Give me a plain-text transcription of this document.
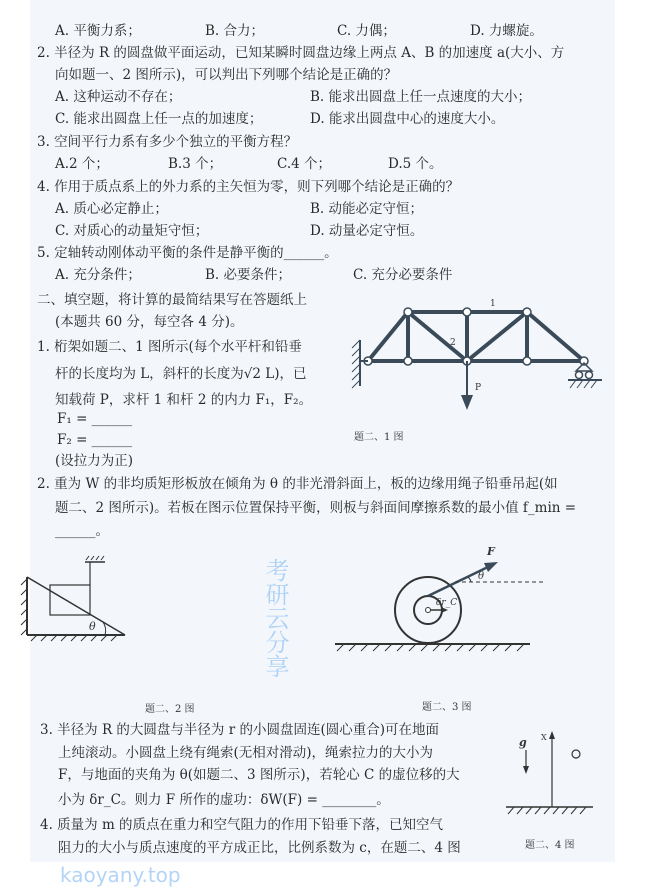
A. 平衡力系；	B. 合力；	C. 力偶；	D. 力螺旋。
2. 半径为 R 的圆盘做平面运动，已知某瞬时圆盘边缘上两点 A、B 的加速度 a(大小、方
向如题一、2 图所示)，可以判出下列哪个结论是正确的？
A. 这种运动不存在；	B. 能求出圆盘上任一点速度的大小；
C. 能求出圆盘上任一点的加速度；	D. 能求出圆盘中心的速度大小。
3. 空间平行力系有多少个独立的平衡方程？
A.2 个；	B.3 个；	C.4 个；	D.5 个。
4. 作用于质点系上的外力系的主矢恒为零，则下列哪个结论是正确的？
A. 质心必定静止；	B. 动能必定守恒；
C. 对质心的动量矩守恒；	D. 动量必定守恒。
5. 定轴转动刚体动平衡的条件是静平衡的______。
A. 充分条件；	B. 必要条件；	C. 充分必要条件
二、填空题，将计算的最简结果写在答题纸上
(本题共 60 分，每空各 4 分)。
1. 桁架如题二、1 图所示(每个水平杆和铅垂
杆的长度均为 L，斜杆的长度为√2 L)，已
知载荷 P，求杆 1 和杆 2 的内力 F₁，F₂。
F₁ = ______
F₂ = ______
(设拉力为正)
1
2
P
题二、1 图
2. 重为 W 的非均质矩形板放在倾角为 θ 的非光滑斜面上，板的边缘用绳子铅垂吊起(如
题二、2 图所示)。若板在图示位置保持平衡，则板与斜面间摩擦系数的最小值 f_min =
______。
θ
题二、2 图
F
θ
δr_C
题二、3 图
3. 半径为 R 的大圆盘与半径为 r 的小圆盘固连(圆心重合)可在地面
上纯滚动。小圆盘上绕有绳索(无相对滑动)，绳索拉力的大小为
F，与地面的夹角为 θ(如题二、3 图所示)，若轮心 C 的虚位移的大
小为 δr_C。则力 F 所作的虚功：δW(F) = ________。
4. 质量为 m 的质点在重力和空气阻力的作用下铅垂下落，已知空气
阻力的大小与质点速度的平方成正比，比例系数为 c，在题二、4 图
g X
题二、4 图
考研云分享
kaoyany.top
